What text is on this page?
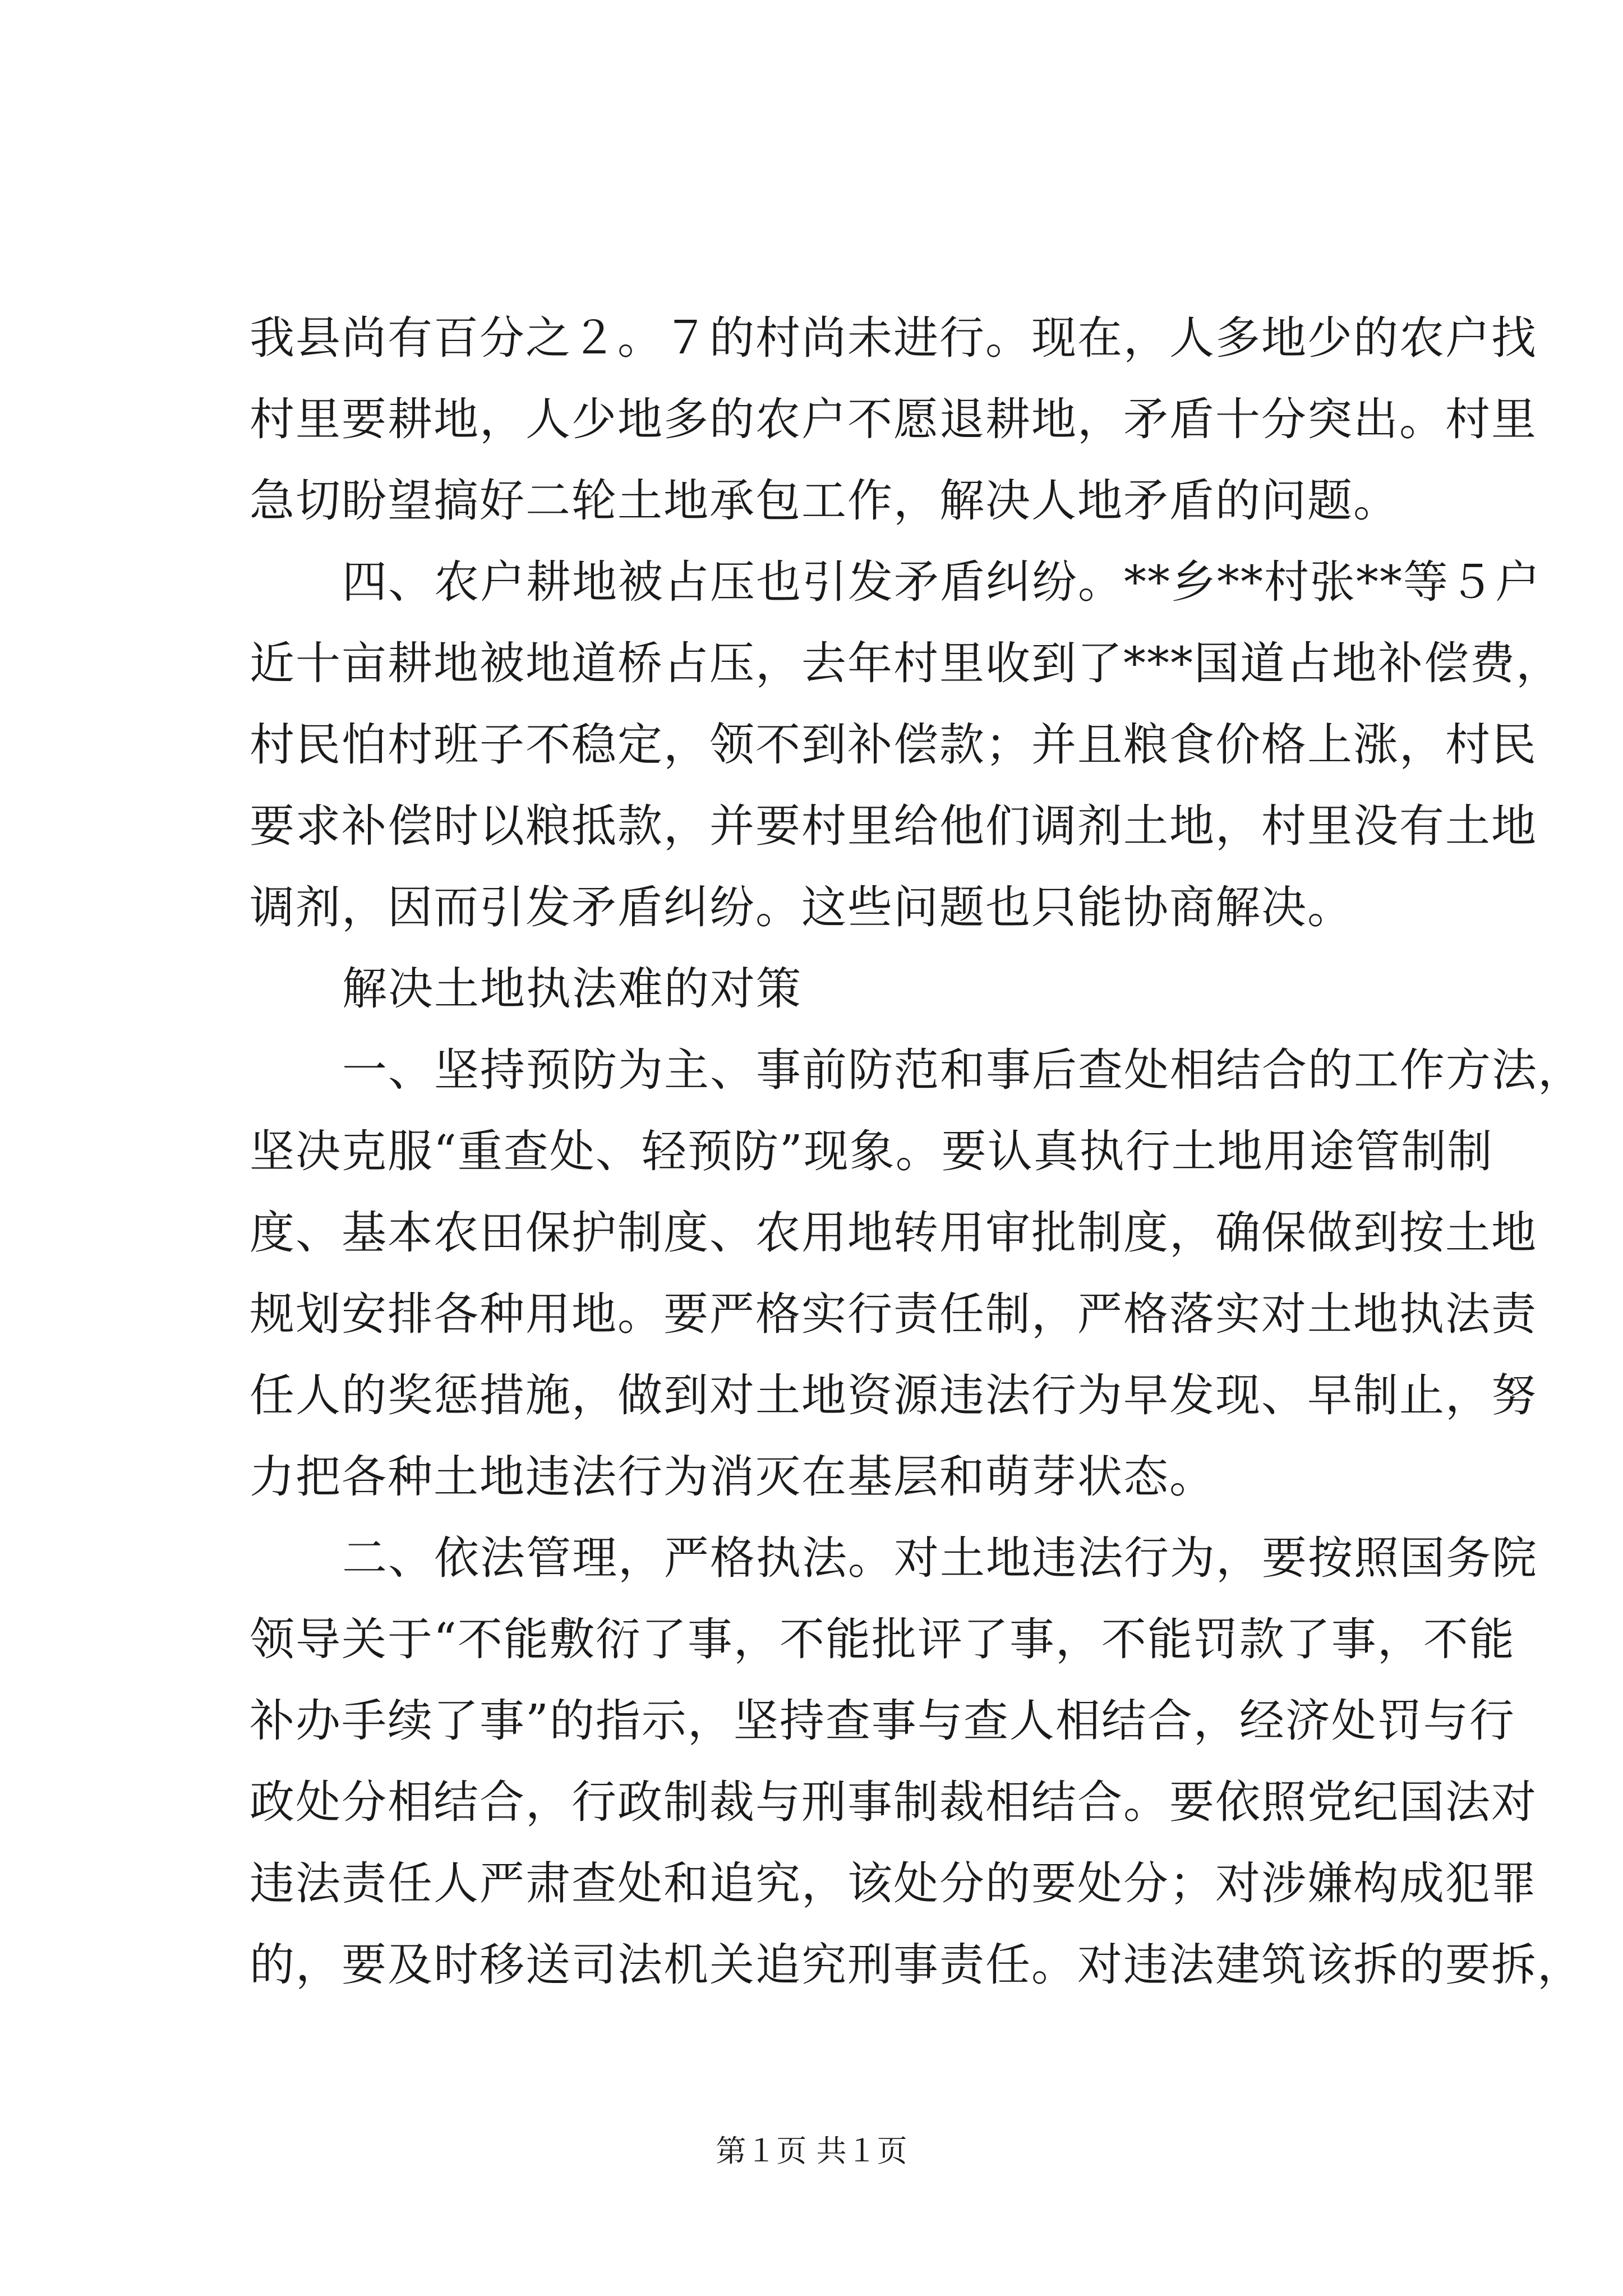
我县尚有百分之２。７的村尚未进行。现在，人多地少的农户找
村里要耕地，人少地多的农户不愿退耕地，矛盾十分突出。村里
急切盼望搞好二轮土地承包工作，解决人地矛盾的问题。
四、农户耕地被占压也引发矛盾纠纷。**乡**村张**等５户
近十亩耕地被地道桥占压，去年村里收到了***国道占地补偿费，
村民怕村班子不稳定，领不到补偿款；并且粮食价格上涨，村民
要求补偿时以粮抵款，并要村里给他们调剂土地，村里没有土地
调剂，因而引发矛盾纠纷。这些问题也只能协商解决。
解决土地执法难的对策
一、坚持预防为主、事前防范和事后查处相结合的工作方法，
坚决克服“重查处、轻预防”现象。要认真执行土地用途管制制
度、基本农田保护制度、农用地转用审批制度，确保做到按土地
规划安排各种用地。要严格实行责任制，严格落实对土地执法责
任人的奖惩措施，做到对土地资源违法行为早发现、早制止，努
力把各种土地违法行为消灭在基层和萌芽状态。
二、依法管理，严格执法。对土地违法行为，要按照国务院
领导关于“不能敷衍了事，不能批评了事，不能罚款了事，不能
补办手续了事”的指示，坚持查事与查人相结合，经济处罚与行
政处分相结合，行政制裁与刑事制裁相结合。要依照党纪国法对
违法责任人严肃查处和追究，该处分的要处分；对涉嫌构成犯罪
的，要及时移送司法机关追究刑事责任。对违法建筑该拆的要拆，
第１页 共１页
